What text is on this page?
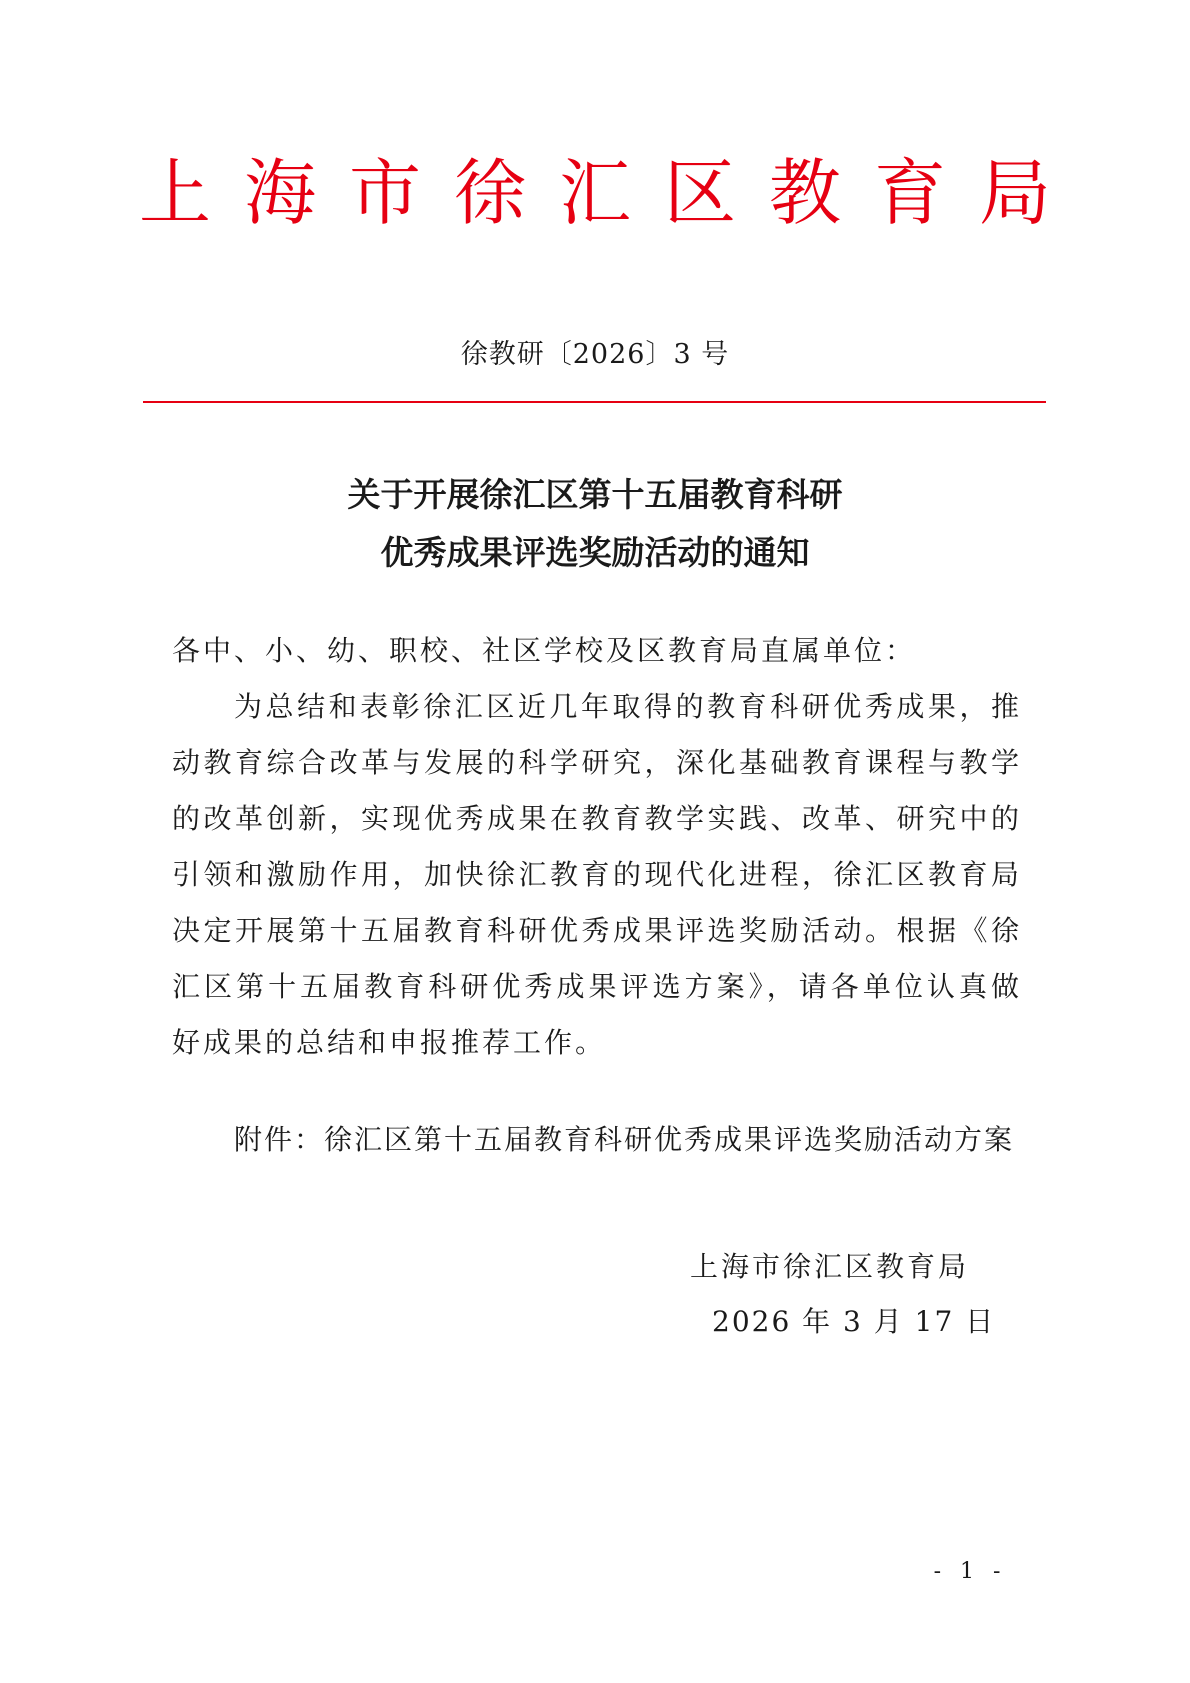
上海市徐汇区教育局
徐教研〔2026〕3 号
关于开展徐汇区第十五届教育科研
优秀成果评选奖励活动的通知
各中、小、幼、职校、社区学校及区教育局直属单位：
为总结和表彰徐汇区近几年取得的教育科研优秀成果，推动教育综合改革与发展的科学研究，深化基础教育课程与教学的改革创新，实现优秀成果在教育教学实践、改革、研究中的引领和激励作用，加快徐汇教育的现代化进程，徐汇区教育局决定开展第十五届教育科研优秀成果评选奖励活动。根据《徐汇区第十五届教育科研优秀成果评选方案》，请各单位认真做好成果的总结和申报推荐工作。
附件：徐汇区第十五届教育科研优秀成果评选奖励活动方案
上海市徐汇区教育局
2026 年 3 月 17 日
- 1 -
